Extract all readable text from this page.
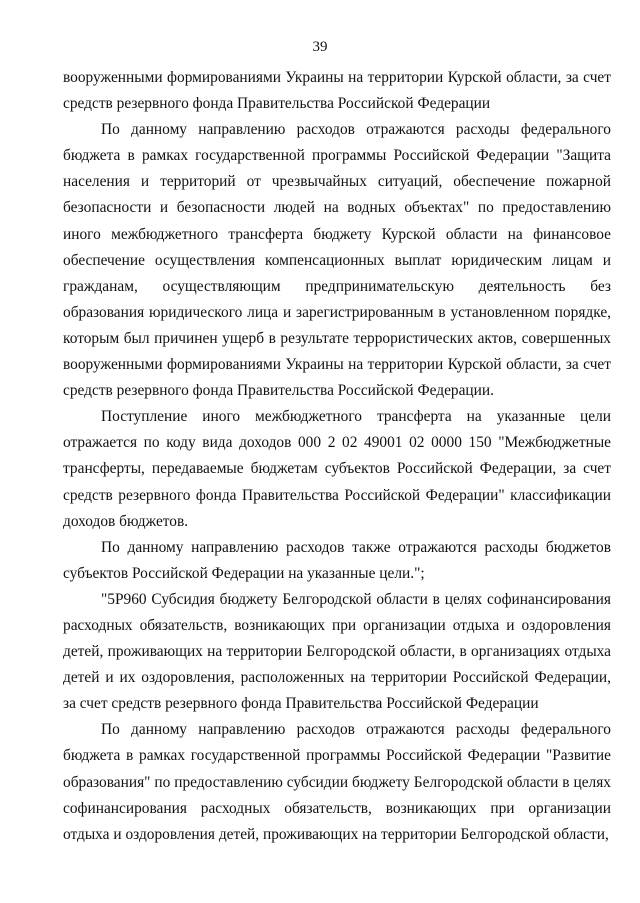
39

вооруженными формированиями Украины на территории Курской области, за счет средств резервного фонда Правительства Российской Федерации

По данному направлению расходов отражаются расходы федерального бюджета в рамках государственной программы Российской Федерации "Защита населения и территорий от чрезвычайных ситуаций, обеспечение пожарной безопасности и безопасности людей на водных объектах" по предоставлению иного межбюджетного трансферта бюджету Курской области на финансовое обеспечение осуществления компенсационных выплат юридическим лицам и гражданам, осуществляющим предпринимательскую деятельность без образования юридического лица и зарегистрированным в установленном порядке, которым был причинен ущерб в результате террористических актов, совершенных вооруженными формированиями Украины на территории Курской области, за счет средств резервного фонда Правительства Российской Федерации.

Поступление иного межбюджетного трансферта на указанные цели отражается по коду вида доходов 000 2 02 49001 02 0000 150 "Межбюджетные трансферты, передаваемые бюджетам субъектов Российской Федерации, за счет средств резервного фонда Правительства Российской Федерации" классификации доходов бюджетов.

По данному направлению расходов также отражаются расходы бюджетов субъектов Российской Федерации на указанные цели.";

"5Р960 Субсидия бюджету Белгородской области в целях софинансирования расходных обязательств, возникающих при организации отдыха и оздоровления детей, проживающих на территории Белгородской области, в организациях отдыха детей и их оздоровления, расположенных на территории Российской Федерации, за счет средств резервного фонда Правительства Российской Федерации

По данному направлению расходов отражаются расходы федерального бюджета в рамках государственной программы Российской Федерации "Развитие образования" по предоставлению субсидии бюджету Белгородской области в целях софинансирования расходных обязательств, возникающих при организации отдыха и оздоровления детей, проживающих на территории Белгородской области,
